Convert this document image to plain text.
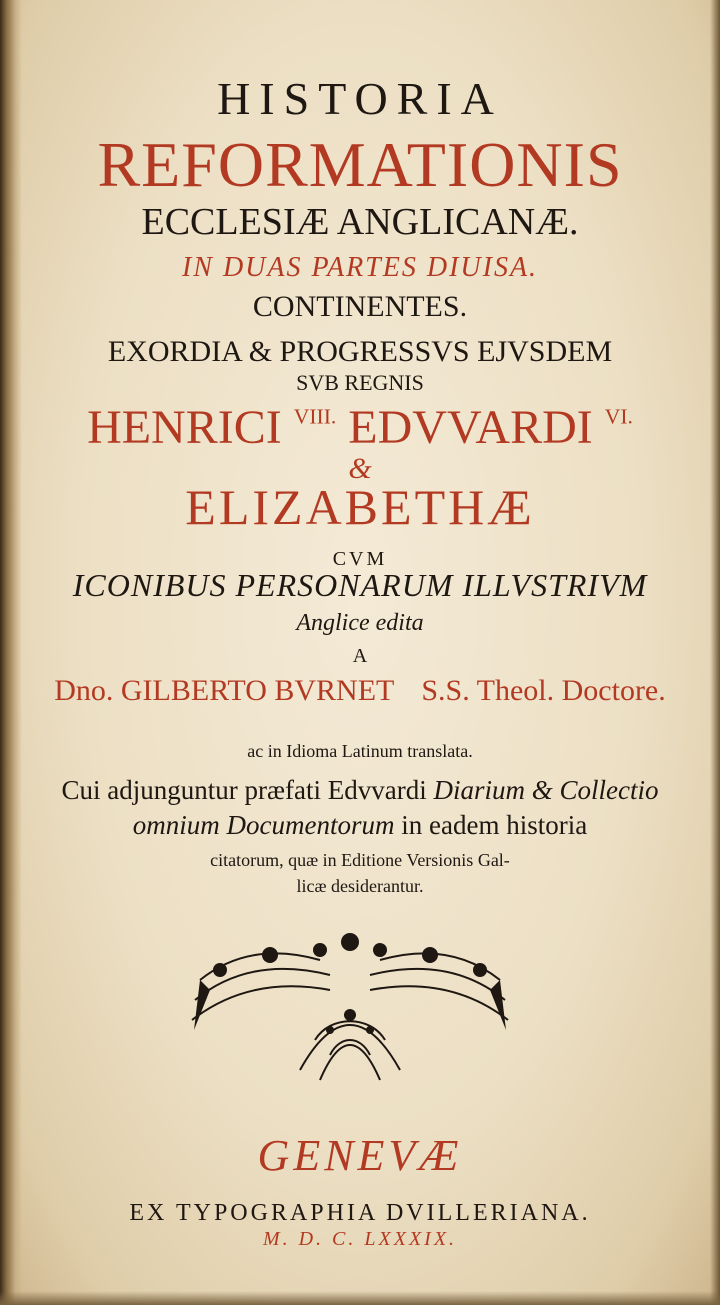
HISTORIA
REFORMATIONIS
ECCLESIÆ ANGLICANÆ.
IN DUAS PARTES DIUISA.
CONTINENTES.
EXORDIA & PROGRESSVS EJVSDEM
SVB REGNIS
HENRICI $^{VIII.}$ EDVVARDI $^{VI.}$
&
ELIZABETHÆ
CVM
ICONIBUS PERSONARUM ILLVSTRIVM
Anglice edita
A
Dno. GILBERTO BVRNET S.S. Theol. Doctore.
ac in Idioma Latinum translata.
Cui adjunguntur præfati Edvvardi Diarium & Collectio
omnium Documentorum in eadem historia
citatorum, quæ in Editione Versionis Gal-
licæ desiderantur.
GENEVÆ
EX TYPOGRAPHIA DVILLERIANA.
M. D. C. LXXXIX.
